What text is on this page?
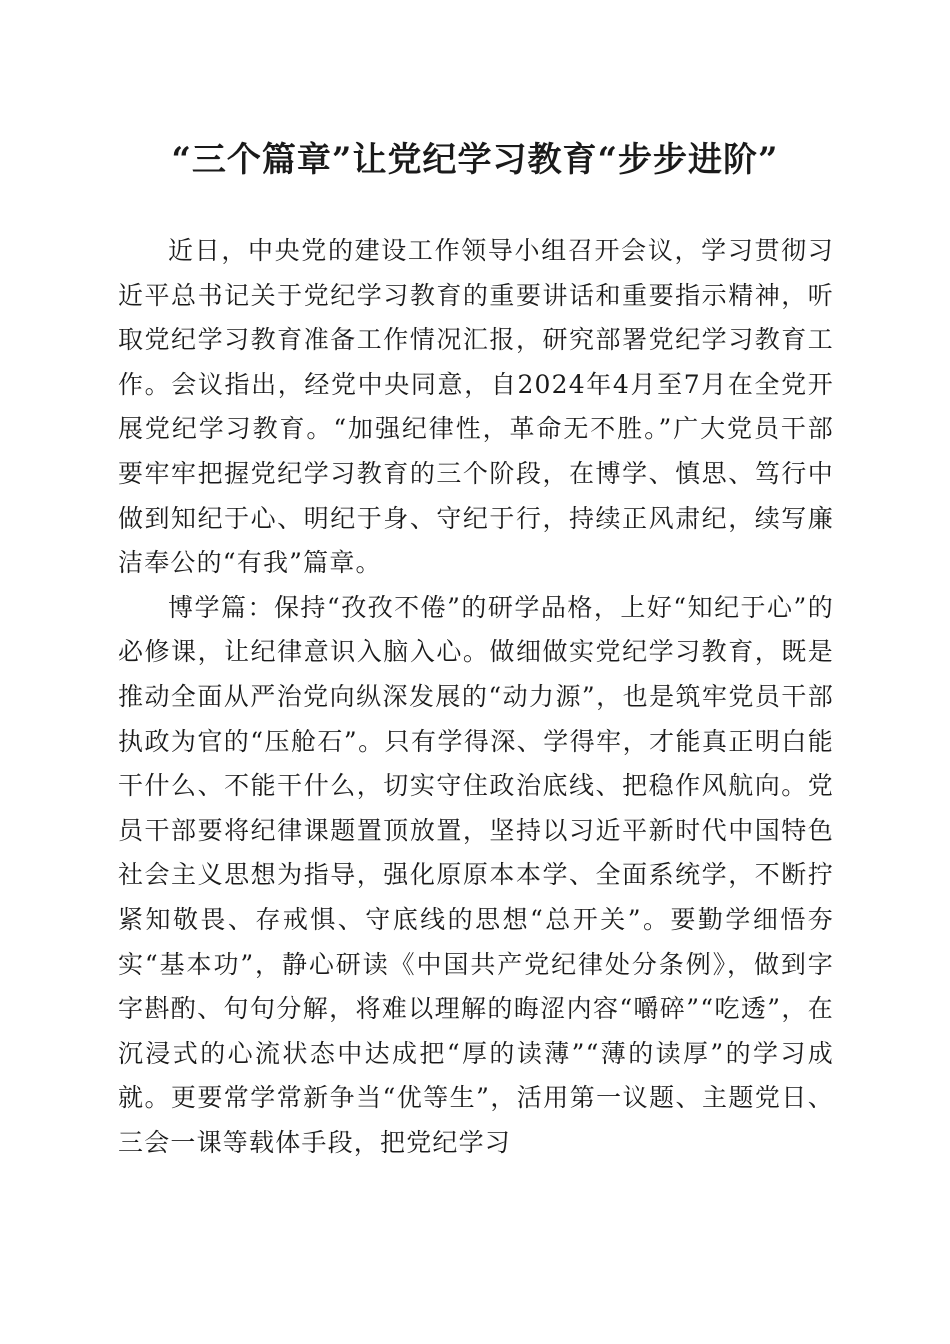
“三个篇章”让党纪学习教育“步步进阶”

近日，中央党的建设工作领导小组召开会议，学习贯彻习近平总书记关于党纪学习教育的重要讲话和重要指示精神，听取党纪学习教育准备工作情况汇报，研究部署党纪学习教育工作。会议指出，经党中央同意，自2024年4月至7月在全党开展党纪学习教育。“加强纪律性，革命无不胜。”广大党员干部要牢牢把握党纪学习教育的三个阶段，在博学、慎思、笃行中做到知纪于心、明纪于身、守纪于行，持续正风肃纪，续写廉洁奉公的“有我”篇章。

博学篇：保持“孜孜不倦”的研学品格，上好“知纪于心”的必修课，让纪律意识入脑入心。做细做实党纪学习教育，既是推动全面从严治党向纵深发展的“动力源”，也是筑牢党员干部执政为官的“压舱石”。只有学得深、学得牢，才能真正明白能干什么、不能干什么，切实守住政治底线、把稳作风航向。党员干部要将纪律课题置顶放置，坚持以习近平新时代中国特色社会主义思想为指导，强化原原本本学、全面系统学，不断拧紧知敬畏、存戒惧、守底线的思想“总开关”。要勤学细悟夯实“基本功”，静心研读《中国共产党纪律处分条例》，做到字字斟酌、句句分解，将难以理解的晦涩内容“嚼碎”“吃透”，在沉浸式的心流状态中达成把“厚的读薄”“薄的读厚”的学习成就。更要常学常新争当“优等生”，活用第一议题、主题党日、三会一课等载体手段，把党纪学习
